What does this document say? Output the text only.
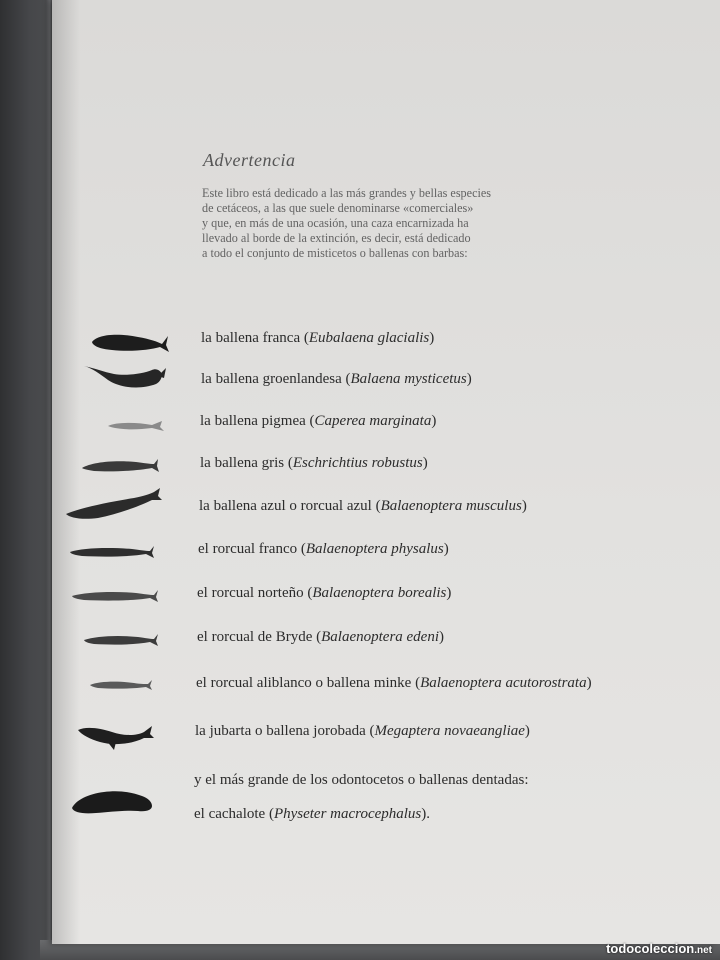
Advertencia

Este libro está dedicado a las más grandes y bellas especies
de cetáceos, a las que suele denominarse «comerciales»
y que, en más de una ocasión, una caza encarnizada ha
llevado al borde de la extinción, es decir, está dedicado
a todo el conjunto de misticetos o ballenas con barbas:

la ballena franca (Eubalaena glacialis)
la ballena groenlandesa (Balaena mysticetus)
la ballena pigmea (Caperea marginata)
la ballena gris (Eschrichtius robustus)
la ballena azul o rorcual azul (Balaenoptera musculus)
el rorcual franco (Balaenoptera physalus)
el rorcual norteño (Balaenoptera borealis)
el rorcual de Bryde (Balaenoptera edeni)
el rorcual aliblanco o ballena minke (Balaenoptera acutorostrata)
la jubarta o ballena jorobada (Megaptera novaeangliae)
y el más grande de los odontocetos o ballenas dentadas:
el cachalote (Physeter macrocephalus).
todocoleccion.net
